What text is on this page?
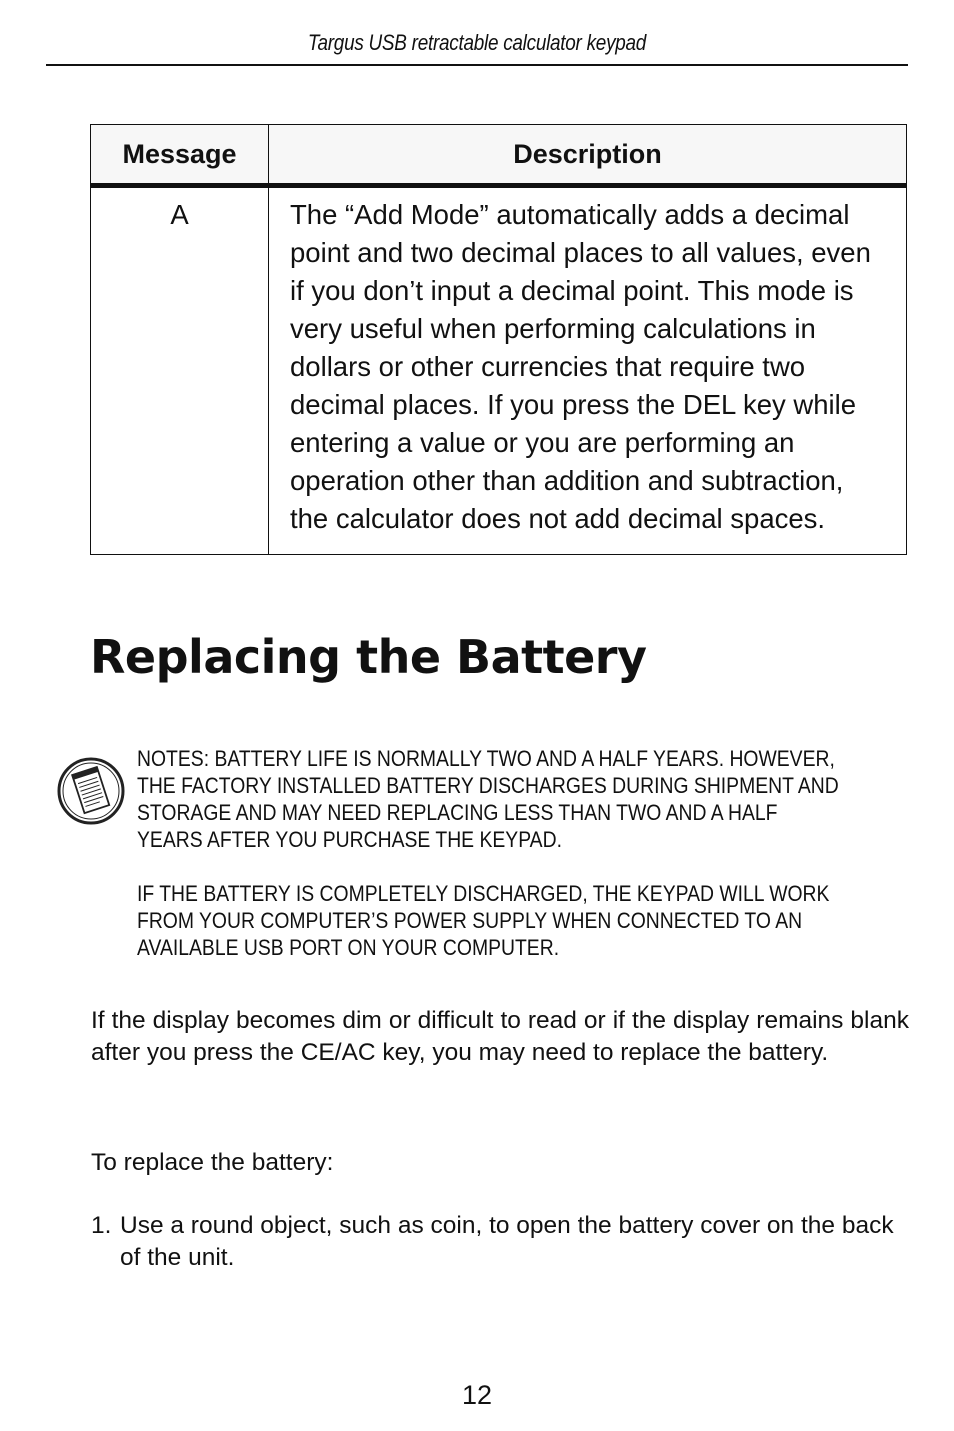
Targus USB retractable calculator keypad
Message	Description
A	The “Add Mode” automatically adds a decimal point and two decimal places to all values, even if you don’t input a decimal point. This mode is very useful when performing calculations in dollars or other currencies that require two decimal places. If you press the DEL key while entering a value or you are performing an operation other than addition and subtraction, the calculator does not add decimal spaces.
Replacing the Battery

NOTES: BATTERY LIFE IS NORMALLY TWO AND A HALF YEARS. HOWEVER, THE FACTORY INSTALLED BATTERY DISCHARGES DURING SHIPMENT AND STORAGE AND MAY NEED REPLACING LESS THAN TWO AND A HALF YEARS AFTER YOU PURCHASE THE KEYPAD.

IF THE BATTERY IS COMPLETELY DISCHARGED, THE KEYPAD WILL WORK FROM YOUR COMPUTER’S POWER SUPPLY WHEN CONNECTED TO AN AVAILABLE USB PORT ON YOUR COMPUTER.

If the display becomes dim or difficult to read or if the display remains blank after you press the CE/AC key, you may need to replace the battery.

To replace the battery:

1. Use a round object, such as coin, to open the battery cover on the back of the unit.
12
